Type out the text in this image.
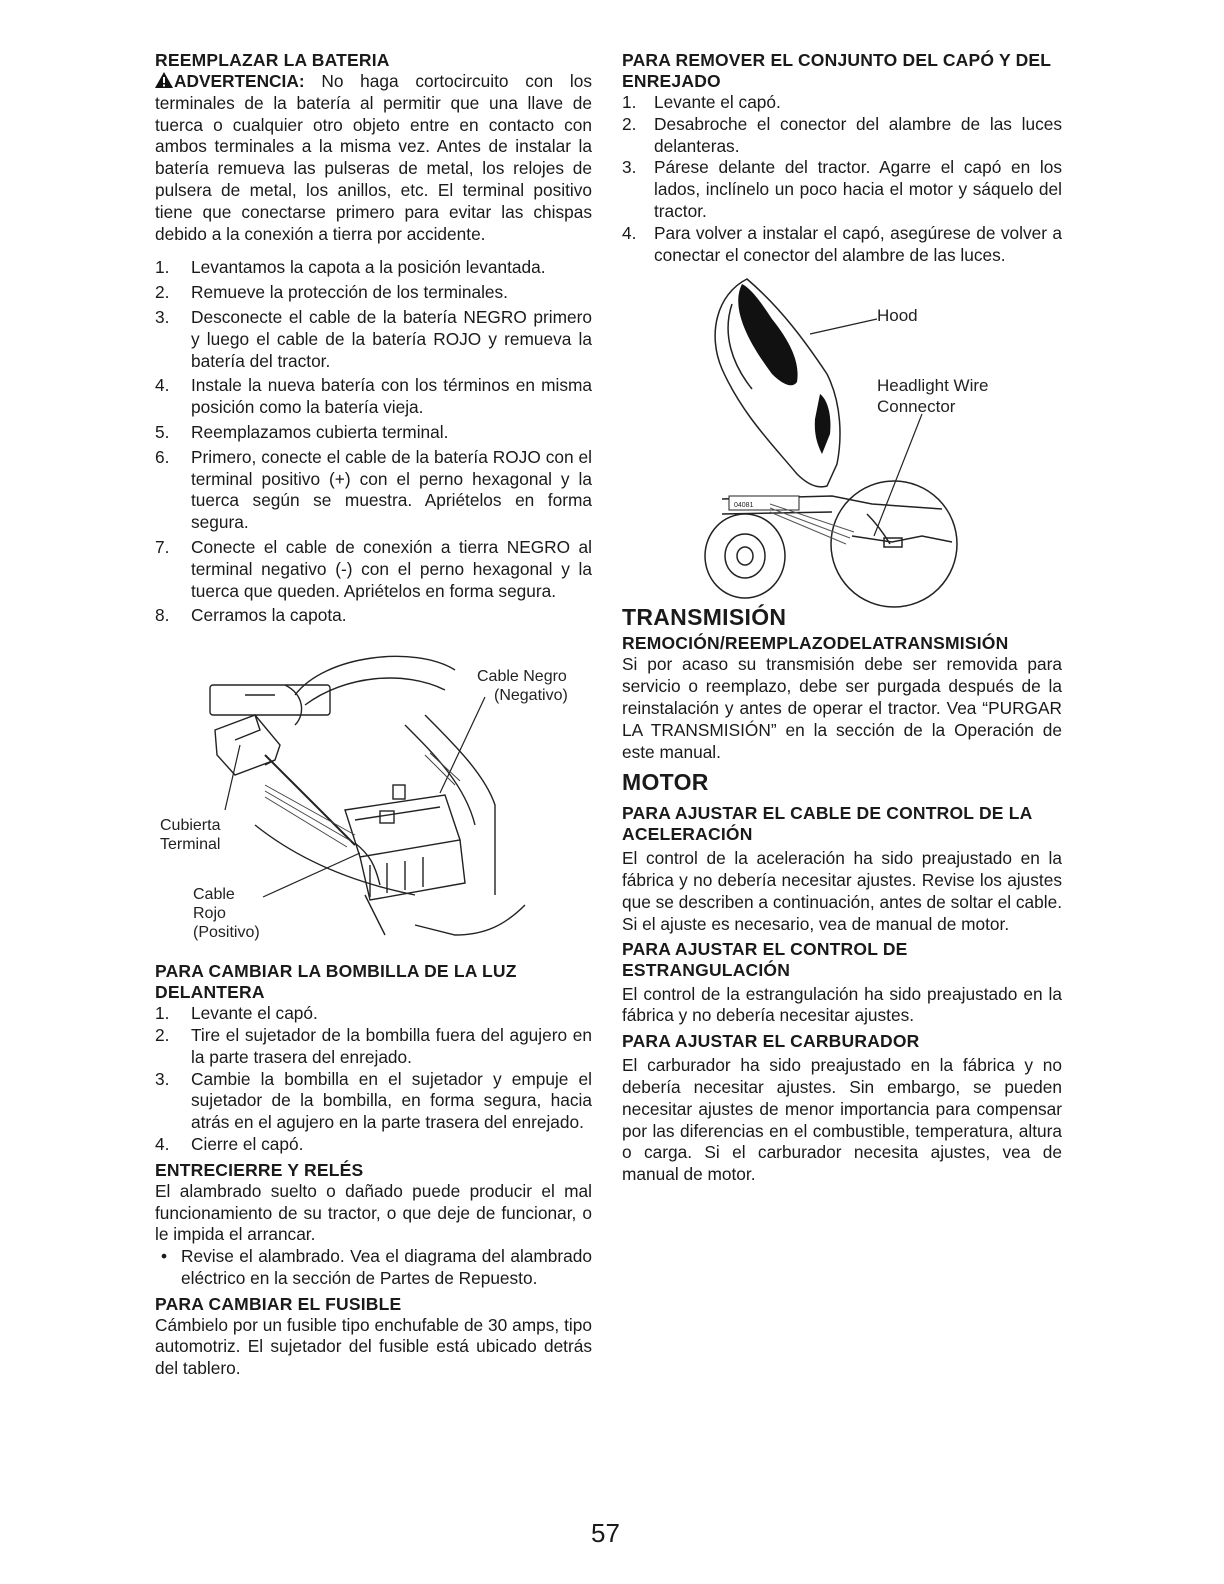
REEMPLAZAR LA BATERIA

ADVERTENCIA: No haga cortocircuito con los terminales de la batería al permitir que una llave de tuerca o cualquier otro objeto entre en contacto con ambos terminales a la misma vez. Antes de instalar la batería remueva las pulseras de metal, los relojes de pulsera de metal, los anillos, etc. El terminal positivo tiene que conectarse primero para evitar las chispas debido a la conexión a tierra por accidente.

1. Levantamos la capota a la posición levantada.
2. Remueve la protección de los terminales.
3. Desconecte el cable de la batería NEGRO primero y luego el cable de la batería ROJO y remueva la batería del tractor.
4. Instale la nueva batería con los términos en misma posición como la batería vieja.
5. Reemplazamos cubierta terminal.
6. Primero, conecte el cable de la batería ROJO con el terminal positivo (+) con el perno hexagonal y la tuerca según se muestra. Apriételos en forma segura.
7. Conecte el cable de conexión a tierra NEGRO al terminal negativo (-) con el perno hexagonal y la tuerca que queden. Apriételos en forma segura.
8. Cerramos la capota.
Cable Negro
(Negativo)
Cubierta
Terminal
Cable
Rojo
(Positivo)
PARA CAMBIAR LA BOMBILLA DE LA LUZ DELANTERA
1. Levante el capó.
2. Tire el sujetador de la bombilla fuera del agujero en la parte trasera del enrejado.
3. Cambie la bombilla en el sujetador y empuje el sujetador de la bombilla, en forma segura, hacia atrás en el agujero en la parte trasera del enrejado.
4. Cierre el capó.
ENTRECIERRE Y RELÉS

El alambrado suelto o dañado puede producir el mal funcionamiento de su tractor, o que deje de funcionar, o le impida el arrancar.

• Revise el alambrado. Vea el diagrama del alambrado eléctrico en la sección de Partes de Repuesto.
PARA CAMBIAR EL FUSIBLE

Cámbielo por un fusible tipo enchufable de 30 amps, tipo automotriz. El sujetador del fusible está ubicado detrás del tablero.

PARA REMOVER EL CONJUNTO DEL CAPÓ Y DEL ENREJADO
1. Levante el capó.
2. Desabroche el conector del alambre de las luces delanteras.
3. Párese delante del tractor. Agarre el capó en los lados, inclínelo un poco hacia el motor y sáquelo del tractor.
4. Para volver a instalar el capó, asegúrese de volver a conectar el conector del alambre de las luces.
04081
Hood
Headlight Wire
Connector
TRANSMISIÓN
REMOCIÓN/REEMPLAZODELATRANSMISIÓN

Si por acaso su transmisión debe ser removida para servicio o reemplazo, debe ser purgada después de la reinstalación y antes de operar el tractor. Vea “PURGAR LA TRANSMISIÓN” en la sección de la Operación de este manual.

MOTOR
PARA AJUSTAR EL CABLE DE CONTROL DE LA ACELERACIÓN

El control de la aceleración ha sido preajustado en la fábrica y no debería necesitar ajustes. Revise los ajustes que se describen a continuación, antes de soltar el cable. Si el ajuste es necesario, vea de manual de motor.

PARA AJUSTAR EL CONTROL DE ESTRANGULACIÓN

El control de la estrangulación ha sido preajustado en la fábrica y no debería necesitar ajustes.

PARA AJUSTAR EL CARBURADOR

El carburador ha sido preajustado en la fábrica y no debería necesitar ajustes. Sin embargo, se pueden necesitar ajustes de menor importancia para compensar por las diferencias en el combustible, temperatura, altura o carga. Si el carburador necesita ajustes, vea de manual de motor.

57
